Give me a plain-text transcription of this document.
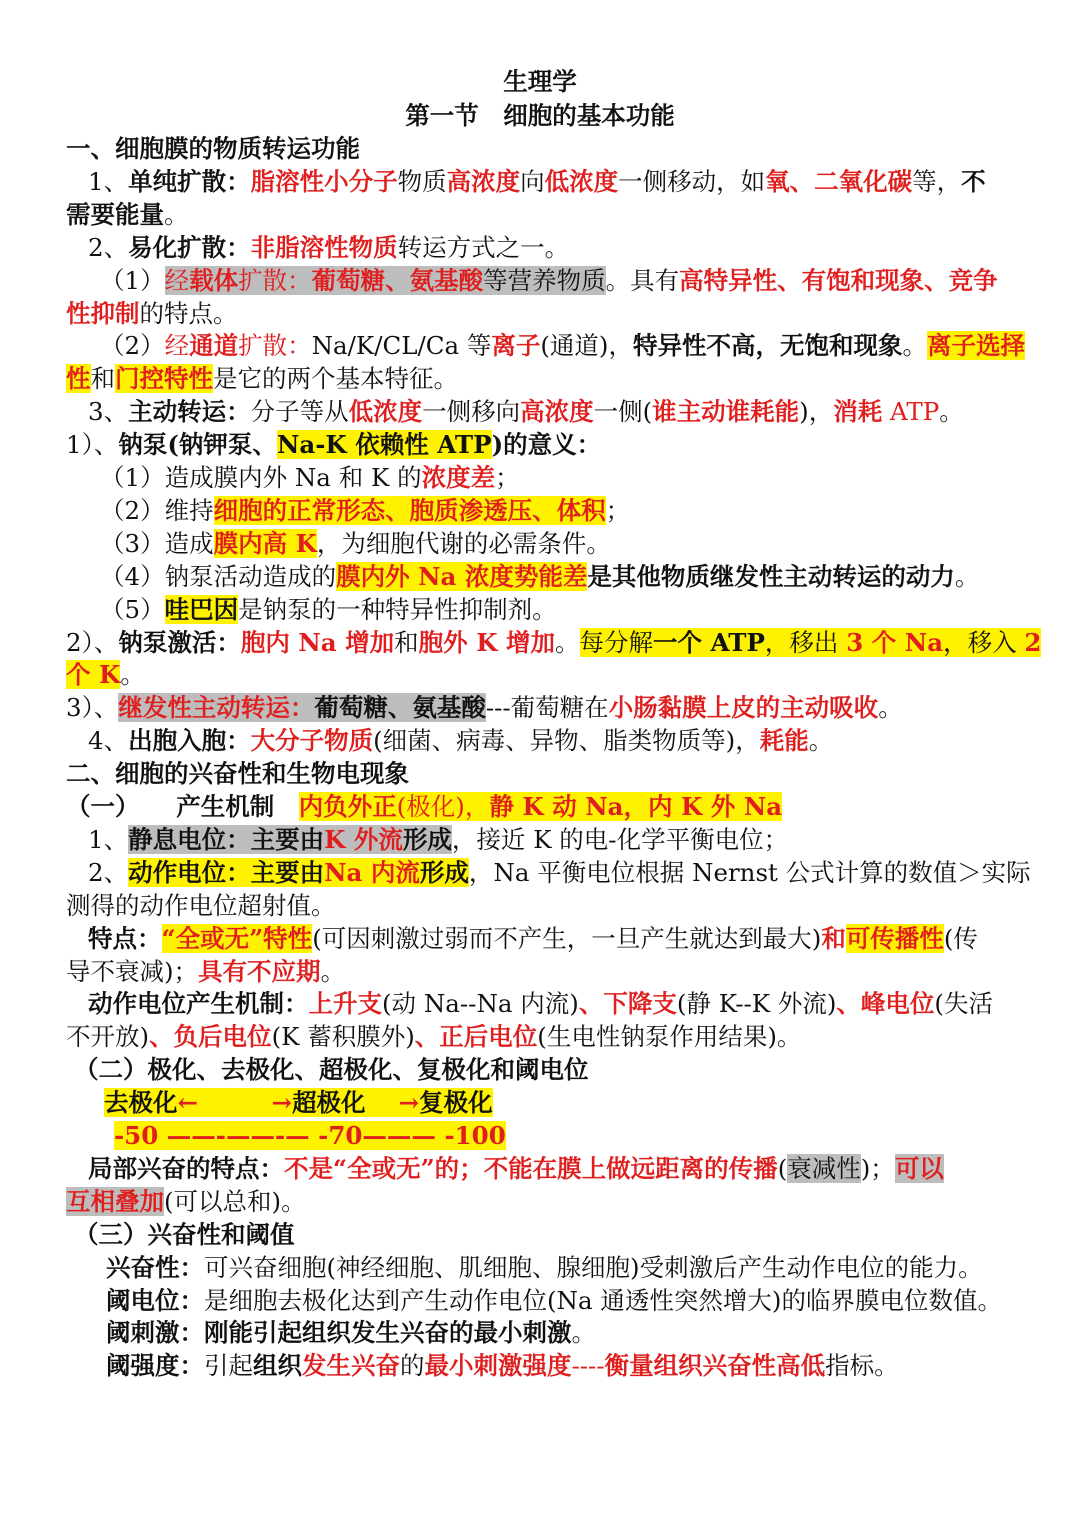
生理学
第一节　细胞的基本功能
一、细胞膜的物质转运功能
1、单纯扩散：脂溶性小分子物质高浓度向低浓度一侧移动，如氧、二氧化碳等，不
需要能量。
2、易化扩散：非脂溶性物质转运方式之一。
（1）经载体扩散：葡萄糖、氨基酸等营养物质。具有高特异性、有饱和现象、竞争
性抑制的特点。
（2）经通道扩散：Na/K/CL/Ca 等离子(通道)，特异性不高，无饱和现象。离子选择
性和门控特性是它的两个基本特征。
3、主动转运：分子等从低浓度一侧移向高浓度一侧(谁主动谁耗能)，消耗 ATP。
1）、钠泵(钠钾泵、Na-K 依赖性 ATP)的意义：
（1）造成膜内外 Na 和 K 的浓度差；
（2）维持细胞的正常形态、胞质渗透压、体积；
（3）造成膜内高 K，为细胞代谢的必需条件。
（4）钠泵活动造成的膜内外 Na 浓度势能差是其他物质继发性主动转运的动力。
（5）哇巴因是钠泵的一种特异性抑制剂。
2）、钠泵激活：胞内 Na 增加和胞外 K 增加。每分解一个 ATP，移出 3 个 Na，移入 2
个 K。
3）、继发性主动转运：葡萄糖、氨基酸---葡萄糖在小肠黏膜上皮的主动吸收。
4、出胞入胞：大分子物质(细菌、病毒、异物、脂类物质等)，耗能。
二、细胞的兴奋性和生物电现象
（一）　　产生机制　内负外正(极化)，静 K 动 Na，内 K 外 Na
1、静息电位：主要由K 外流形成，接近 K 的电-化学平衡电位；
2、动作电位：主要由Na 内流形成，Na 平衡电位根据 Nernst 公式计算的数值＞实际
测得的动作电位超射值。
特点：“全或无”特性(可因刺激过弱而不产生，一旦产生就达到最大)和可传播性(传
导不衰减)；具有不应期。
动作电位产生机制：上升支(动 Na--Na 内流)、下降支(静 K--K 外流)、峰电位(失活
不开放)、负后电位(K 蓄积膜外)、正后电位(生电性钠泵作用结果)。
（二）极化、去极化、超极化、复极化和阈电位
去极化←　　　→超极化　 →复极化
-50 ——-——-— -70——— -100
局部兴奋的特点：不是“全或无”的；不能在膜上做远距离的传播(衰减性)；可以
互相叠加(可以总和)。
（三）兴奋性和阈值
兴奋性：可兴奋细胞(神经细胞、肌细胞、腺细胞)受刺激后产生动作电位的能力。
阈电位：是细胞去极化达到产生动作电位(Na 通透性突然增大)的临界膜电位数值。
阈刺激：刚能引起组织发生兴奋的最小刺激。
阈强度：引起组织发生兴奋的最小刺激强度----衡量组织兴奋性高低指标。
